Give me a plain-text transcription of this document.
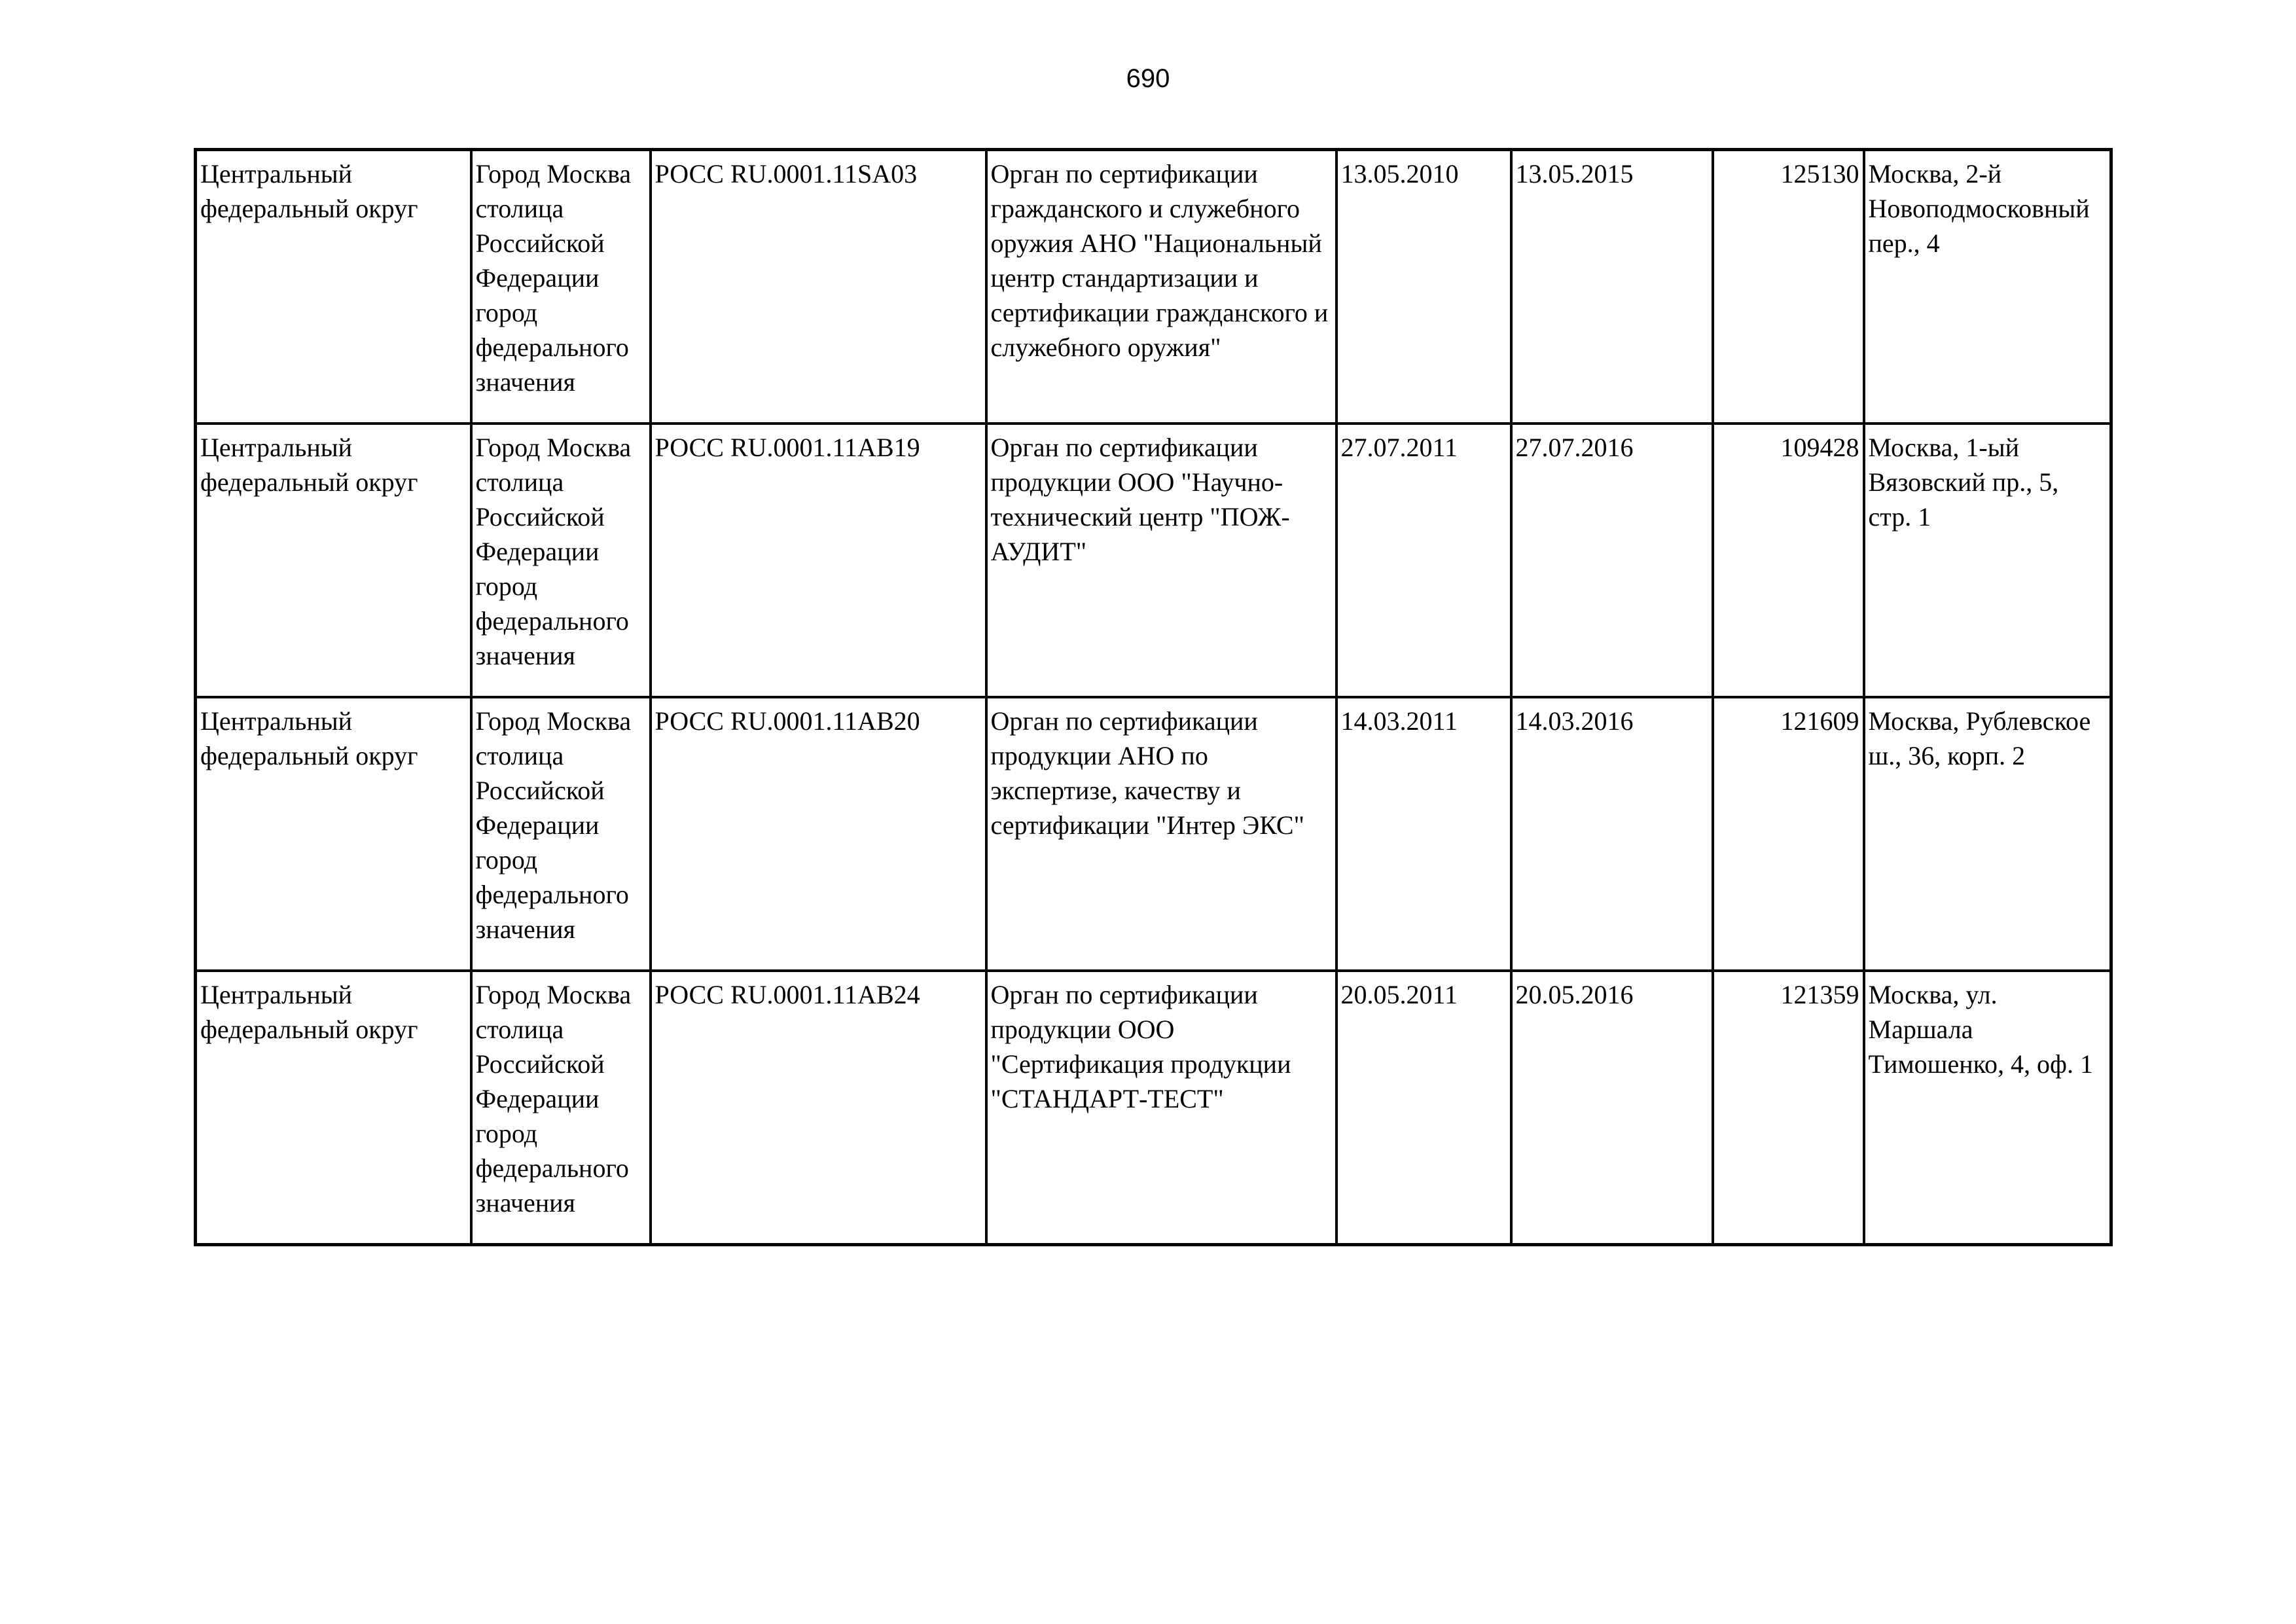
690
Центральный федеральный округ	Город Москва столица Российской Федерации город федерального значения	РОСС RU.0001.11SA03	Орган по сертификации гражданского и служебного оружия АНО "Национальный центр стандартизации и сертификации гражданского и служебного оружия"	13.05.2010	13.05.2015	125130	Москва, 2-й Новоподмосковный пер., 4

Центральный федеральный округ	Город Москва столица Российской Федерации город федерального значения	РОСС RU.0001.11АВ19	Орган по сертификации продукции ООО "Научно-технический центр "ПОЖ-АУДИТ"	27.07.2011	27.07.2016	109428	Москва, 1-ый Вязовский пр., 5, стр. 1

Центральный федеральный округ	Город Москва столица Российской Федерации город федерального значения	РОСС RU.0001.11АВ20	Орган по сертификации продукции АНО по экспертизе, качеству и сертификации "Интер ЭКС"	14.03.2011	14.03.2016	121609	Москва, Рублевское ш., 36, корп. 2

Центральный федеральный округ	Город Москва столица Российской Федерации город федерального значения	РОСС RU.0001.11АВ24	Орган по сертификации продукции ООО "Сертификация продукции "СТАНДАРТ-ТЕСТ"	20.05.2011	20.05.2016	121359	Москва, ул. Маршала Тимошенко, 4, оф. 1
